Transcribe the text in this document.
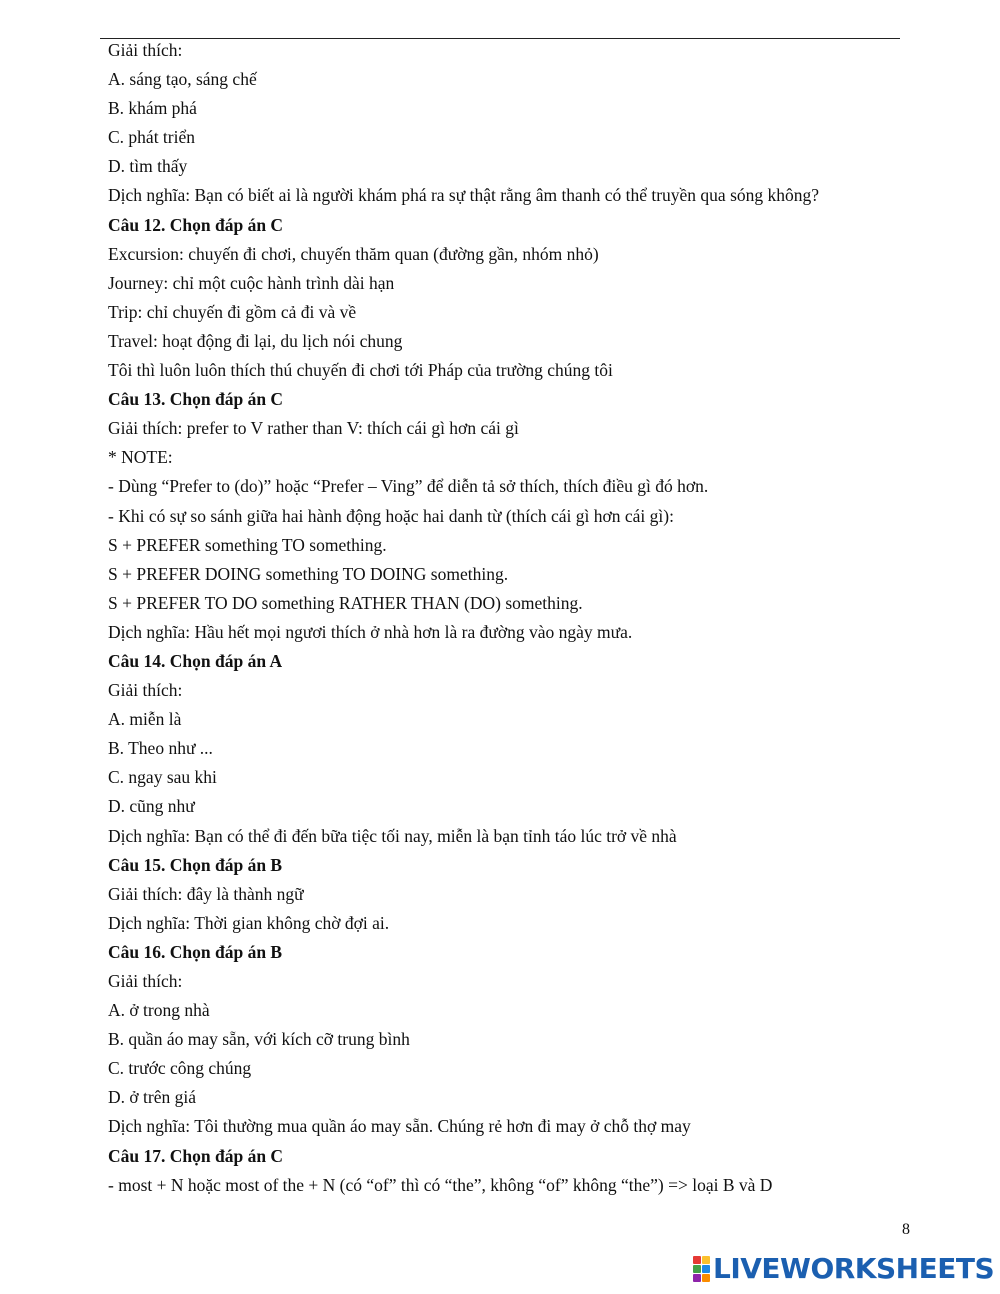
Giải thích:
A. sáng tạo, sáng chế
B. khám phá
C. phát triển
D. tìm thấy
Dịch nghĩa: Bạn có biết ai là người khám phá ra sự thật rằng âm thanh có thể truyền qua sóng không?
Câu 12. Chọn đáp án C
Excursion: chuyến đi chơi, chuyến thăm quan (đường gần, nhóm nhỏ)
Journey: chỉ một cuộc hành trình dài hạn
Trip: chỉ chuyến đi gồm cả đi và về
Travel: hoạt động đi lại, du lịch nói chung
Tôi thì luôn luôn thích thú chuyến đi chơi tới Pháp của trường chúng tôi
Câu 13. Chọn đáp án C
Giải thích: prefer to V rather than V: thích cái gì hơn cái gì
* NOTE:
- Dùng “Prefer to (do)” hoặc “Prefer – Ving” để diễn tả sở thích, thích điều gì đó hơn.
- Khi có sự so sánh giữa hai hành động hoặc hai danh từ (thích cái gì hơn cái gì):
S + PREFER something TO something.
S + PREFER DOING something TO DOING something.
S + PREFER TO DO something RATHER THAN (DO) something.
Dịch nghĩa: Hầu hết mọi ngươi thích ở nhà hơn là ra đường vào ngày mưa.
Câu 14. Chọn đáp án A
Giải thích:
A. miễn là
B. Theo như ...
C. ngay sau khi
D. cũng như
Dịch nghĩa: Bạn có thể đi đến bữa tiệc tối nay, miễn là bạn tỉnh táo lúc trở về nhà
Câu 15. Chọn đáp án B
Giải thích: đây là thành ngữ
Dịch nghĩa: Thời gian không chờ đợi ai.
Câu 16. Chọn đáp án B
Giải thích:
A. ở trong nhà
B. quần áo may sẵn, với kích cỡ trung bình
C. trước công chúng
D. ở trên giá
Dịch nghĩa: Tôi thường mua quần áo may sẵn. Chúng rẻ hơn đi may ở chỗ thợ may
Câu 17. Chọn đáp án C
- most + N hoặc most of the + N (có “of” thì có “the”, không “of” không “the”) => loại B và D
8
LIVEWORKSHEETS
